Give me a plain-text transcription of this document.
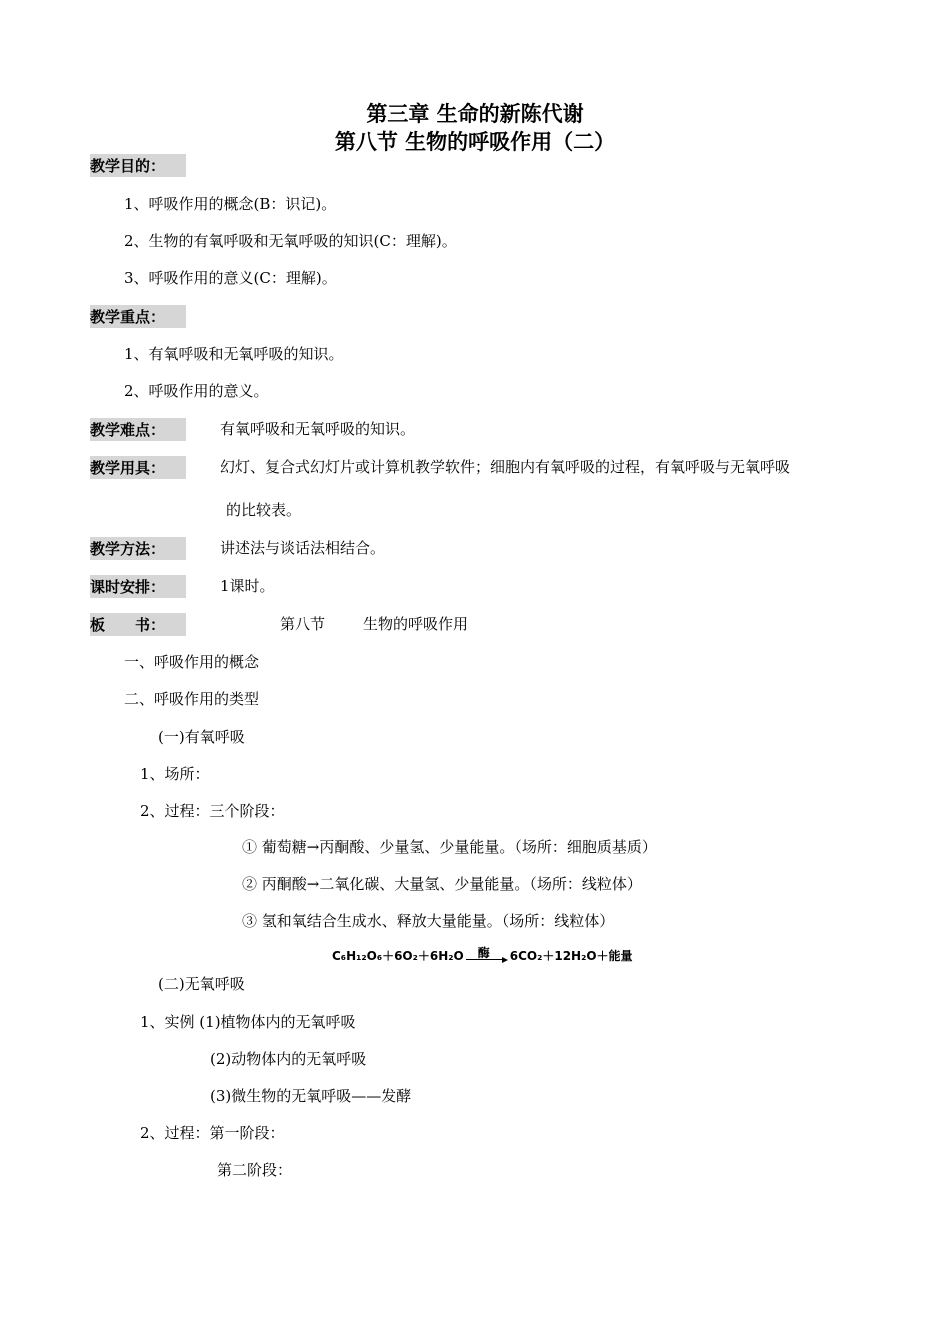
第三章 生命的新陈代谢
第八节 生物的呼吸作用（二）
教学目的：
1、呼吸作用的概念(B：识记)。
2、生物的有氧呼吸和无氧呼吸的知识(C：理解)。
3、呼吸作用的意义(C：理解)。
教学重点：
1、有氧呼吸和无氧呼吸的知识。
2、呼吸作用的意义。
教学难点：	有氧呼吸和无氧呼吸的知识。
教学用具：	幻灯、复合式幻灯片或计算机教学软件；细胞内有氧呼吸的过程，有氧呼吸与无氧呼吸
的比较表。
教学方法：	讲述法与谈话法相结合。
课时安排：	1课时。
板　　书：	第八节	生物的呼吸作用
一、呼吸作用的概念
二、呼吸作用的类型
(一)有氧呼吸
1、场所：
2、过程：三个阶段：
① 葡萄糖→丙酮酸、少量氢、少量能量。（场所：细胞质基质）
② 丙酮酸→二氧化碳、大量氢、少量能量。（场所：线粒体）
③ 氢和氧结合生成水、释放大量能量。（场所：线粒体）
C₆H₁₂O₆＋6O₂＋6H₂O 酶 6CO₂＋12H₂O＋能量
(二)无氧呼吸
1、实例 (1)植物体内的无氧呼吸
(2)动物体内的无氧呼吸
(3)微生物的无氧呼吸——发酵
2、过程：第一阶段：
第二阶段：
